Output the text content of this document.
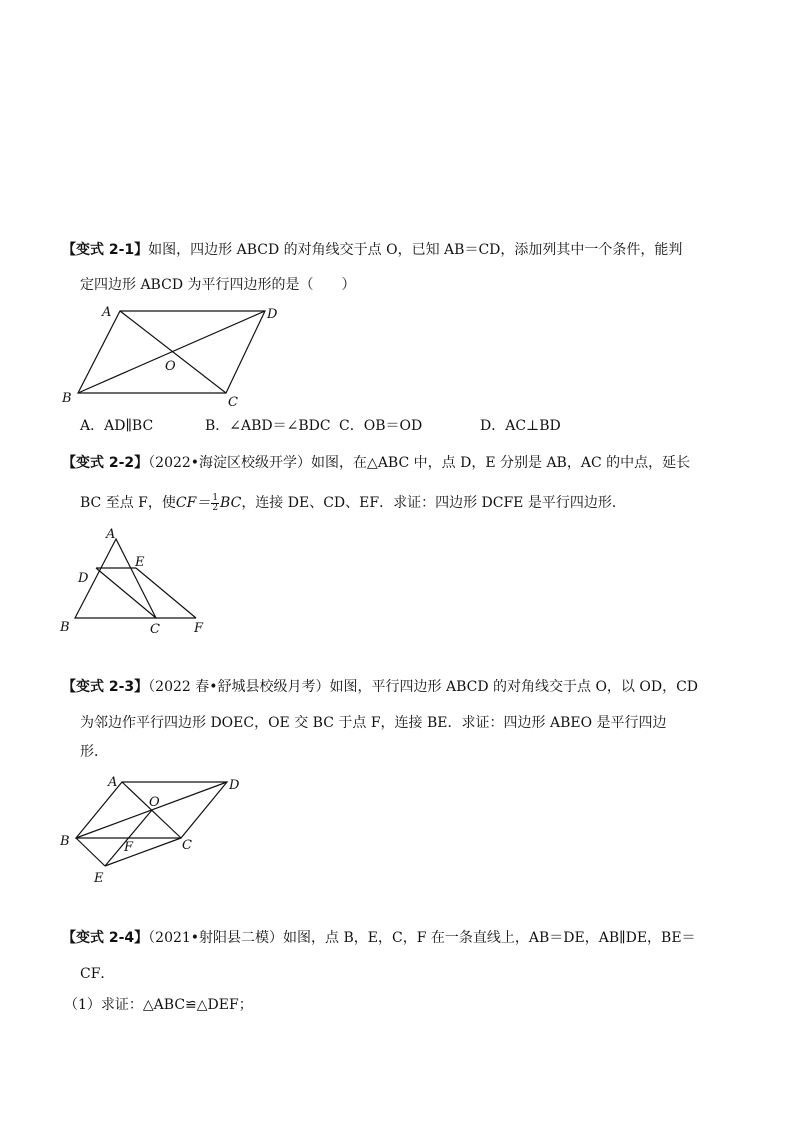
【变式 2-1】如图，四边形 ABCD 的对角线交于点 O，已知 AB＝CD，添加列其中一个条件，能判
定四边形 ABCD 为平行四边形的是（　　）
A	D
O
B	C
A．AD∥BC	B．∠ABD＝∠BDC C．OB＝OD	D．AC⊥BD
【变式 2-2】（2022•海淀区校级开学）如图，在△ABC 中，点 D，E 分别是 AB，AC 的中点，延长
BC 至点 F，使$CF= \frac{1}{2}$ BC，连接 DE、CD、EF．求证：四边形 DCFE 是平行四边形．
A
E
D
B	C	F
【变式 2-3】（2022 春•舒城县校级月考）如图，平行四边形 ABCD 的对角线交于点 O，以 OD，CD
为邻边作平行四边形 DOEC，OE 交 BC 于点 F，连接 BE．求证：四边形 ABEO 是平行四边
形．
A	D
O
B	F	C
E
【变式 2-4】（2021•射阳县二模）如图，点 B，E，C，F 在一条直线上，AB＝DE，AB∥DE，BE＝
CF．
（1）求证：△ABC≌△DEF；
